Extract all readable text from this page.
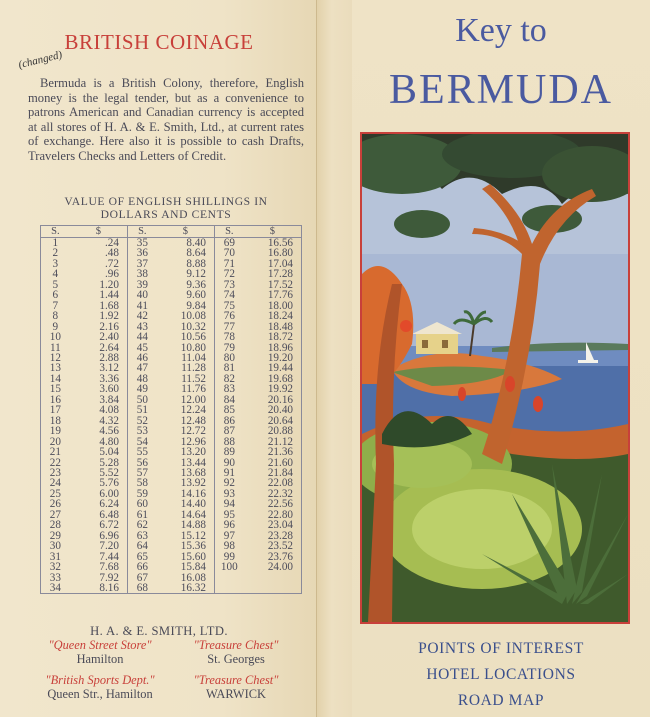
BRITISH COINAGE
(changed)

Bermuda is a British Colony, therefore, English money is the legal tender, but as a convenience to patrons American and Canadian currency is accepted at all stores of H. A. & E. Smith, Ltd., at current rates of exchange. Here also it is possible to cash Drafts, Travelers Checks and Letters of Credit.

VALUE OF ENGLISH SHILLINGS IN
DOLLARS AND CENTS
S.	$	S.	$	S.	$
1	.24	35	8.40	69	16.56
2	.48	36	8.64	70	16.80
3	.72	37	8.88	71	17.04
4	.96	38	9.12	72	17.28
5	1.20	39	9.36	73	17.52
6	1.44	40	9.60	74	17.76
7	1.68	41	9.84	75	18.00
8	1.92	42	10.08	76	18.24
9	2.16	43	10.32	77	18.48
10	2.40	44	10.56	78	18.72
11	2.64	45	10.80	79	18.96
12	2.88	46	11.04	80	19.20
13	3.12	47	11.28	81	19.44
14	3.36	48	11.52	82	19.68
15	3.60	49	11.76	83	19.92
16	3.84	50	12.00	84	20.16
17	4.08	51	12.24	85	20.40
18	4.32	52	12.48	86	20.64
19	4.56	53	12.72	87	20.88
20	4.80	54	12.96	88	21.12
21	5.04	55	13.20	89	21.36
22	5.28	56	13.44	90	21.60
23	5.52	57	13.68	91	21.84
24	5.76	58	13.92	92	22.08
25	6.00	59	14.16	93	22.32
26	6.24	60	14.40	94	22.56
27	6.48	61	14.64	95	22.80
28	6.72	62	14.88	96	23.04
29	6.96	63	15.12	97	23.28
30	7.20	64	15.36	98	23.52
31	7.44	65	15.60	99	23.76
32	7.68	66	15.84	100	24.00
33	7.92	67	16.08		
34	8.16	68	16.32		
H. A. & E. SMITH, LTD.
"Queen Street Store"
Hamilton
"Treasure Chest"
St. Georges
"British Sports Dept."
Queen Str., Hamilton
"Treasure Chest"
WARWICK
Key to
BERMUDA
POINTS OF INTEREST
HOTEL LOCATIONS
ROAD MAP
